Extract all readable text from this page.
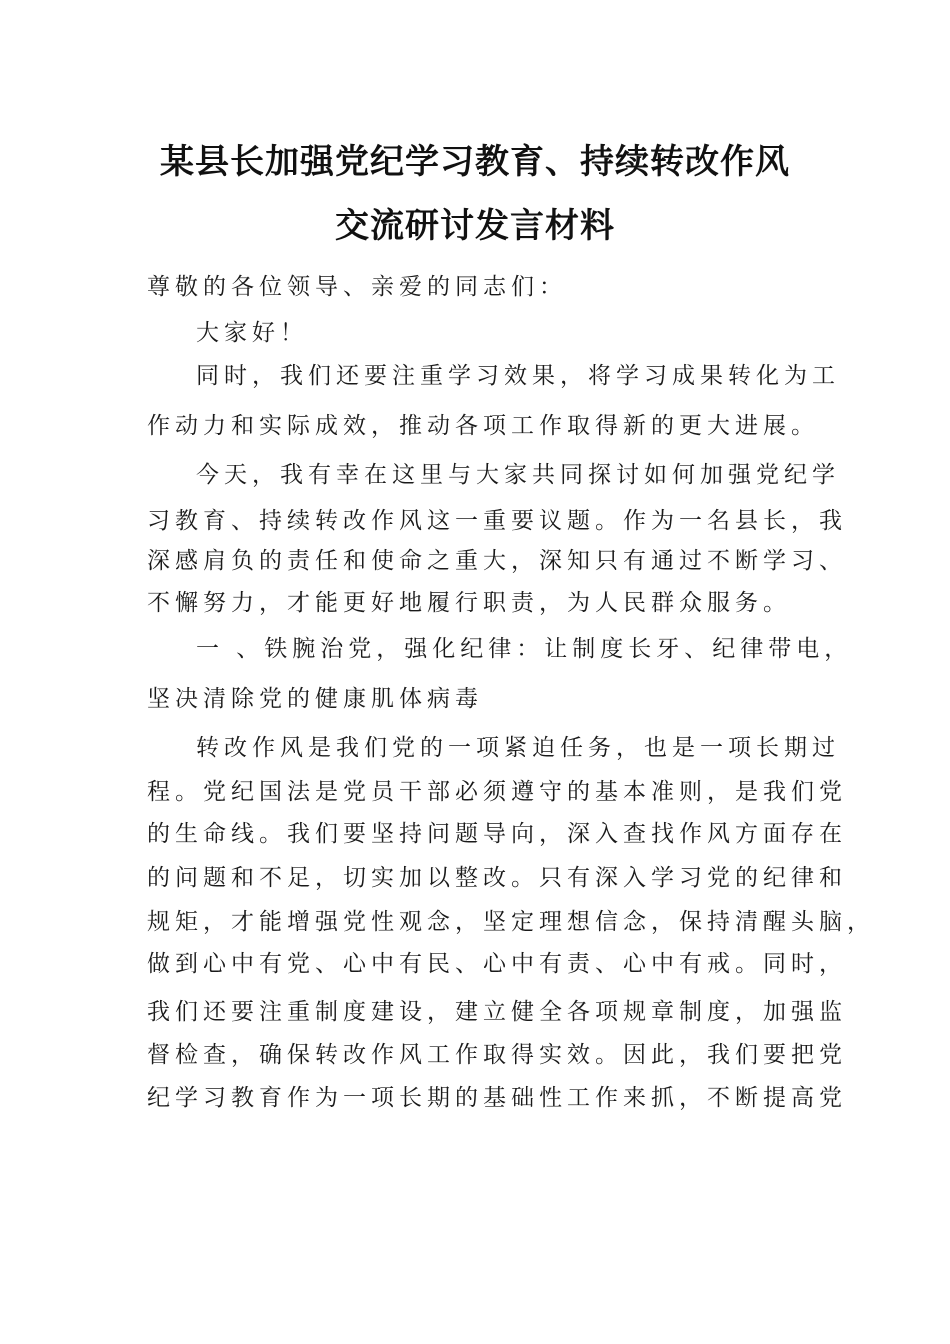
某县长加强党纪学习教育、持续转改作风
交流研讨发言材料
尊敬的各位领导、亲爱的同志们：
大家好！
同时，我们还要注重学习效果，将学习成果转化为工
作动力和实际成效，推动各项工作取得新的更大进展。
今天，我有幸在这里与大家共同探讨如何加强党纪学
习教育、持续转改作风这一重要议题。作为一名县长，我
深感肩负的责任和使命之重大，深知只有通过不断学习、
不懈努力，才能更好地履行职责，为人民群众服务。
一 、铁腕治党，强化纪律：让制度长牙、纪律带电，
坚决清除党的健康肌体病毒
转改作风是我们党的一项紧迫任务，也是一项长期过
程。党纪国法是党员干部必须遵守的基本准则，是我们党
的生命线。我们要坚持问题导向，深入查找作风方面存在
的问题和不足，切实加以整改。只有深入学习党的纪律和
规矩，才能增强党性观念，坚定理想信念，保持清醒头脑，
做到心中有党、心中有民、心中有责、心中有戒。同时，
我们还要注重制度建设，建立健全各项规章制度，加强监
督检查，确保转改作风工作取得实效。因此，我们要把党
纪学习教育作为一项长期的基础性工作来抓，不断提高党
